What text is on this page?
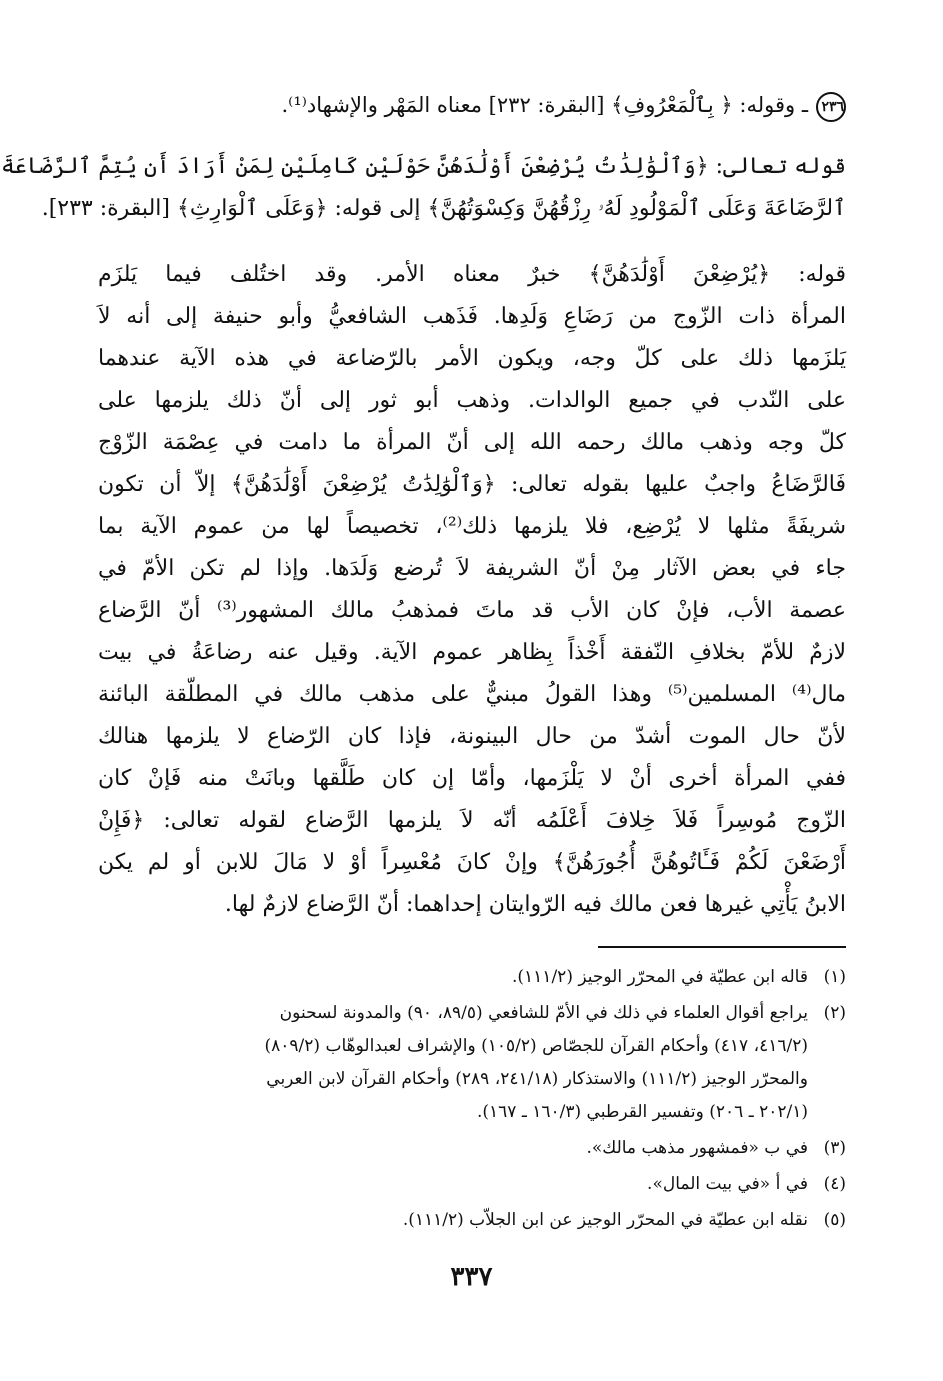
٢٣٦ـ وقوله: ﴿ بِٱلْمَعْرُوفِ﴾ [البقرة: ٢٣٢] معناه المَهْر والإشهاد⁽¹⁾.
قوله تعالى: ﴿وَٱلْوَٰلِدَٰتُ يُرْضِعْنَ أَوْلَٰدَهُنَّ حَوْلَيْنِ كَامِلَيْنِ لِمَنْ أَرَادَ أَن يُتِمَّ ٱلرَّضَاعَةَ
ٱلرَّضَاعَةَ وَعَلَى ٱلْمَوْلُودِ لَهُۥ رِزْقُهُنَّ وَكِسْوَتُهُنَّ﴾ إلى قوله: ﴿وَعَلَى ٱلْوَارِثِ﴾ [البقرة: ٢٣٣].
قوله: ﴿يُرْضِعْنَ أَوْلَٰدَهُنَّ﴾ خبرٌ معناه الأمر. وقد اختُلف فيما يَلزَم
المرأة ذات الزّوج من رَضَاعِ وَلَدِها. فَذَهب الشافعيُّ وأبو حنيفة إلى أنه لاَ
يَلزَمها ذلك على كلّ وجه، ويكون الأمر بالرّضاعة في هذه الآية عندهما
على النّدب في جميع الوالدات. وذهب أبو ثور إلى أنّ ذلك يلزمها على
كلّ وجه وذهب مالك رحمه الله إلى أنّ المرأة ما دامت في عِصْمَة الزّوْج
فَالرَّضَاعُ واجبٌ عليها بقوله تعالى: ﴿وَٱلْوَٰلِدَٰتُ يُرْضِعْنَ أَوْلَٰدَهُنَّ﴾ إلاّ أن تكون
شريفَةً مثلها لا يُرْضِع، فلا يلزمها ذلك⁽²⁾، تخصيصاً لها من عموم الآية بما
جاء في بعض الآثار مِنْ أنّ الشريفة لاَ تُرضع وَلَدَها. وإذا لم تكن الأمّ في
عصمة الأب، فإنْ كان الأب قد ماتَ فمذهبُ مالك المشهور⁽³⁾ أنّ الرَّضاع
لازمٌ للأمّ بخلافِ النّفقة أَخْذاً بِظاهر عموم الآية. وقيل عنه رضاعَةُ في بيت
مال⁽⁴⁾ المسلمين⁽⁵⁾ وهذا القولُ مبنيٌّ على مذهب مالك في المطلّقة البائنة
لأنّ حال الموت أشدّ من حال البينونة، فإذا كان الرّضاع لا يلزمها هنالك
ففي المرأة أخرى أنْ لا يَلْزَمها، وأمّا إن كان طَلَّقها وبانَتْ منه فَإنْ كان
الزّوج مُوسِراً فَلاَ خِلافَ أَعْلَمُه أنّه لاَ يلزمها الرَّضاع لقوله تعالى: ﴿فَإِنْ
أَرْضَعْنَ لَكُمْ فَـَٔاتُوهُنَّ أُجُورَهُنَّ﴾ وإنْ كانَ مُعْسِراً أوْ لا مَالَ للابن أو لم يكن
الابنُ يَأْتِي غيرها فعن مالك فيه الرّوايتان إحداهما: أنّ الرَّضاع لازمٌ لها.
(١)قاله ابن عطيّة في المحرّر الوجيز (١١١/٢).
(٢)يراجع أقوال العلماء في ذلك في الأمّ للشافعي (٨٩/٥، ٩٠) والمدونة لسحنون
(٤١٦/٢، ٤١٧) وأحكام القرآن للجصّاص (١٠٥/٢) والإشراف لعبدالوهّاب (٨٠٩/٢)
والمحرّر الوجيز (١١١/٢) والاستذكار (٢٤١/١٨، ٢٨٩) وأحكام القرآن لابن العربي
(٢٠٢/١ ـ ٢٠٦) وتفسير القرطبي (١٦٠/٣ ـ ١٦٧).
(٣)في ب «فمشهور مذهب مالك».
(٤)في أ «في بيت المال».
(٥)نقله ابن عطيّة في المحرّر الوجيز عن ابن الجلاّب (١١١/٢).
٣٣٧
